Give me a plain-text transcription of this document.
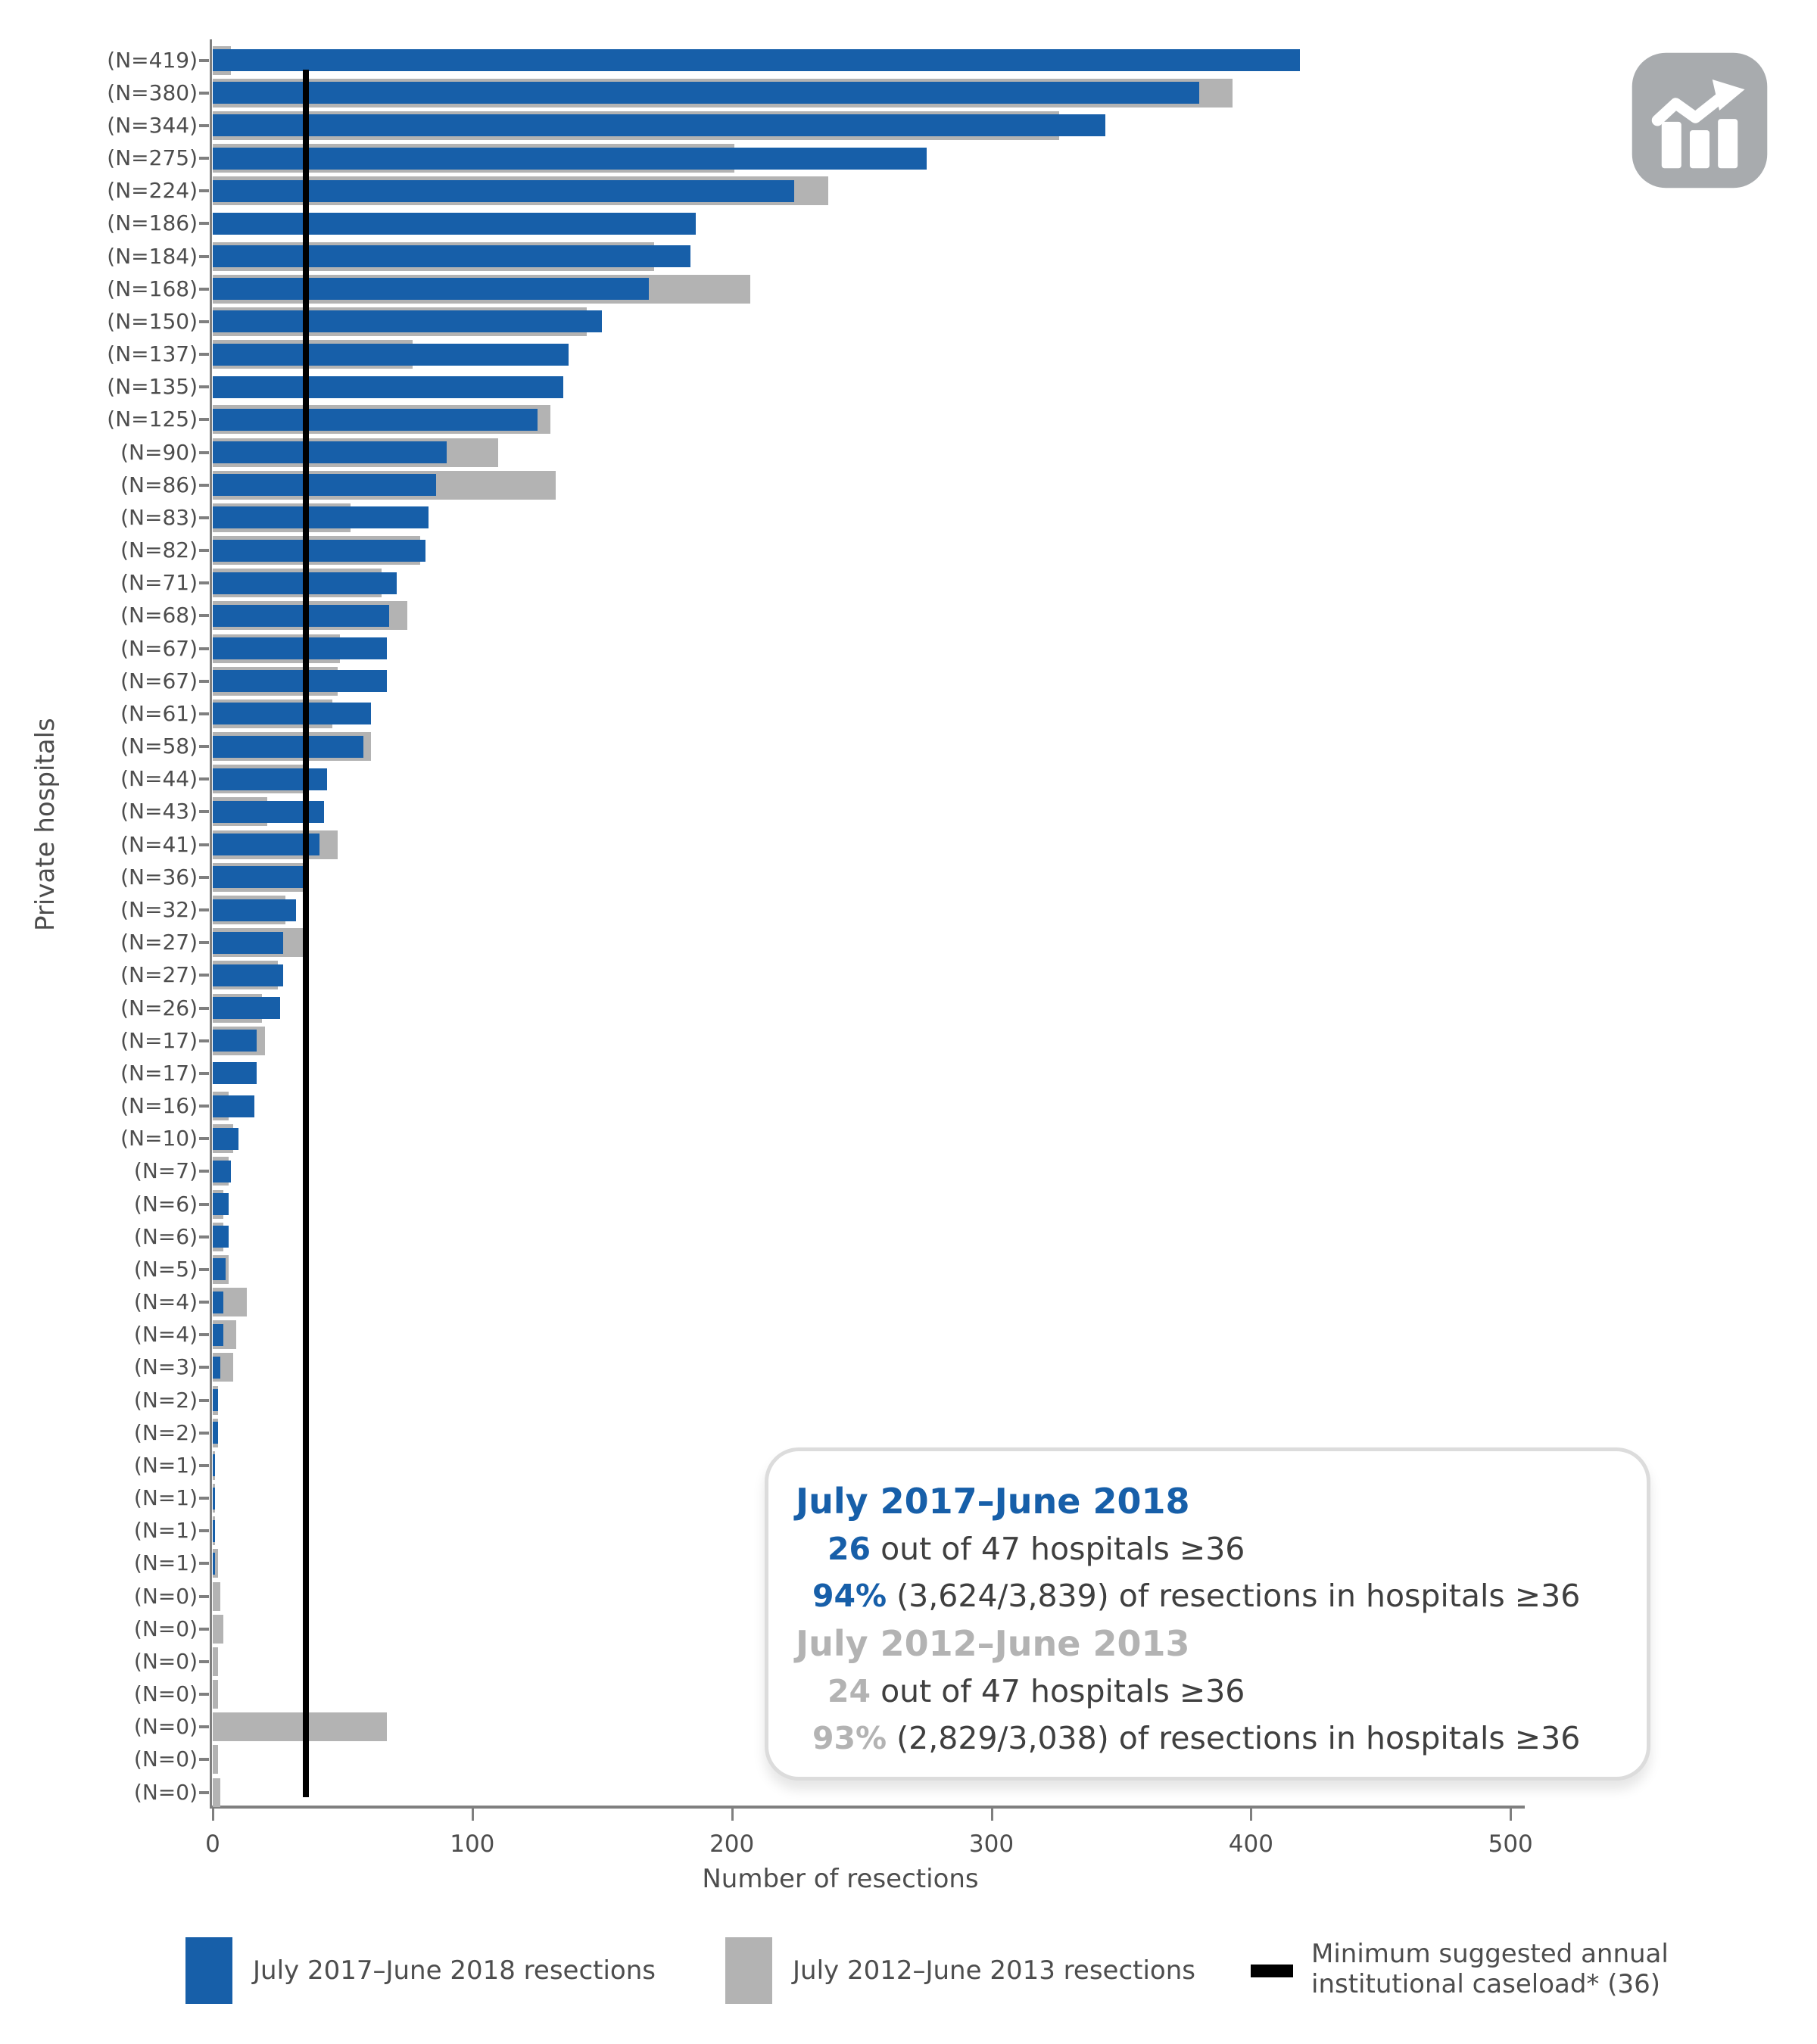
Number of resections
Private hospitals
(N=419)
(N=380)
(N=344)
(N=275)
(N=224)
(N=186)
(N=184)
(N=168)
(N=150)
(N=137)
(N=135)
(N=125)
(N=90)
(N=86)
(N=83)
(N=82)
(N=71)
(N=68)
(N=67)
(N=67)
(N=61)
(N=58)
(N=44)
(N=43)
(N=41)
(N=36)
(N=32)
(N=27)
(N=27)
(N=26)
(N=17)
(N=17)
(N=16)
(N=10)
(N=7)
(N=6)
(N=6)
(N=5)
(N=4)
(N=4)
(N=3)
(N=2)
(N=2)
(N=1)
(N=1)
(N=1)
(N=1)
(N=0)
(N=0)
(N=0)
(N=0)
(N=0)
(N=0)
(N=0)
0	100	200	300	400	500
July 2017–June 2018
26 out of 47 hospitals ≥36
94% (3,624/3,839) of resections in hospitals ≥36
July 2012–June 2013
24 out of 47 hospitals ≥36
93% (2,829/3,038) of resections in hospitals ≥36
July 2017–June 2018 resections	July 2012–June 2013 resections
Minimum suggested annual institutional caseload* (36)
